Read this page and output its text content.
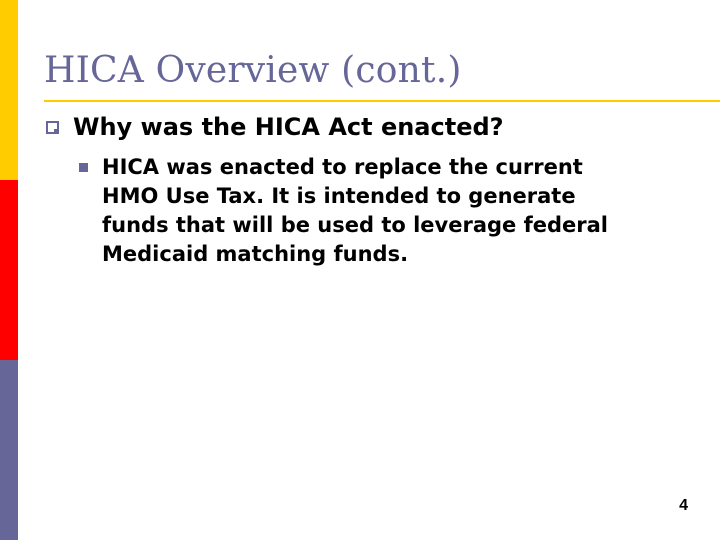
HICA Overview (cont.)

Why was the HICA Act enacted?

HICA was enacted to replace the current
HMO Use Tax. It is intended to generate
funds that will be used to leverage federal
Medicaid matching funds.

4
